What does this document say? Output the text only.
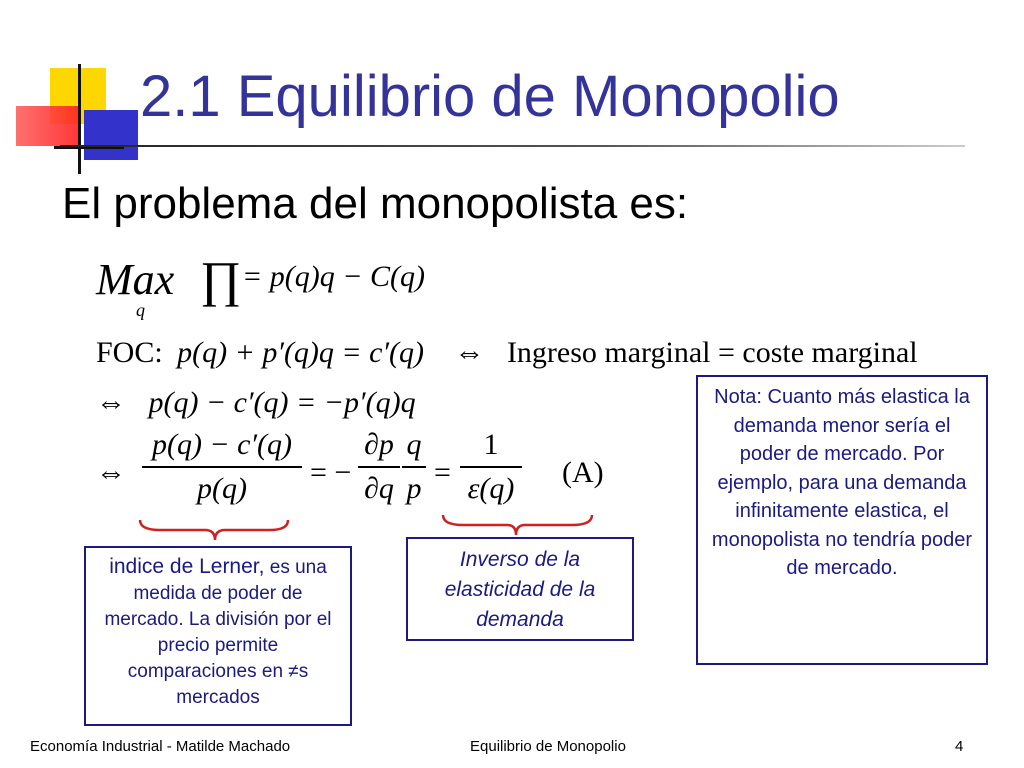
2.1 Equilibrio de Monopolio
El problema del monopolista es:
Max
q
∏ = p(q)q − C(q)
FOC: p(q) + p′(q)q = c′(q) ⇔ Ingreso marginal = coste marginal
⇔ p(q) − c′(q) = −p′(q)q
⇔
p(q) − c′(q)
p(q)	= −
∂p
∂q
q
p =
1
ε(q) (A)
indice de Lerner, es una medida de poder de mercado. La división por el precio permite comparaciones en ≠s mercados
Inverso de la elasticidad de la demanda
Nota: Cuanto más elastica la demanda menor sería el poder de mercado. Por ejemplo, para una demanda infinitamente elastica, el monopolista no tendría poder de mercado.
Economía Industrial - Matilde Machado	Equilibrio de Monopolio	4
